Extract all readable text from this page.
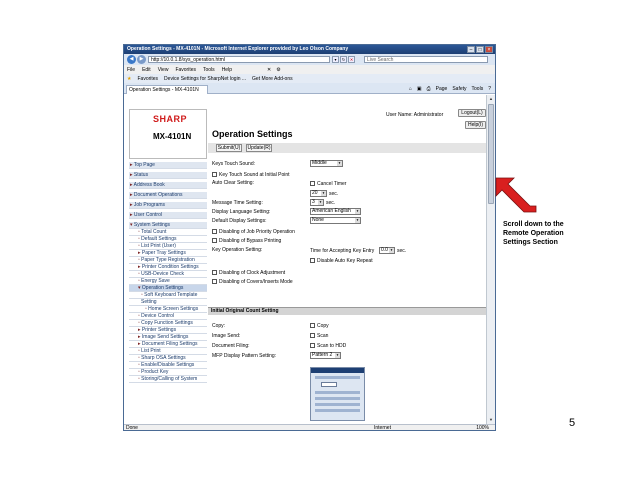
Operation Settings - MX-4101N - Microsoft Internet Explorer provided by Leo Olson Company	–	□	×
◀	▶	http://10.0.1.8/sys_operation.html	▾	↻	✕	Live Search
File Edit View Favorites Tools Help	✕ ⚙
★ Favorites Device Settings for SharpNet login ... Get More Add-ons
Operation Settings - MX-4101N	⌂ ▣ ⎙ Page Safety Tools ?
SHARP
MX-4101N
User Name: Administrator	Logout(L)
Help(I)
Operation Settings
Submit(U)	Update(R)
▸ Top Page
▸ Status
▸ Address Book
▸ Document Operations
▸ Job Programs
▸ User Control
▾ System Settings
▫ Total Count
▫ Default Settings
▫ List Print (User)
▸ Paper Tray Settings
▫ Paper Type Registration
▸ Printer Condition Settings
▫ USB-Device Check
▫ Energy Save
▾ Operation Settings
▫ Soft Keyboard Template
Setting
▫ Home Screen Settings
▫ Device Control
▫ Copy Function Settings
▸ Printer Settings
▸ Image Send Settings
▸ Document Filing Settings
▫ List Print
▫ Sharp OSA Settings
▫ Enable/Disable Settings
▫ Product Key
▫ Storing/Calling of System
Keys Touch Sound:	Middle	▼
Key Touch Sound at Initial Point
Auto Clear Setting:	Cancel Timer
20	▼ sec.
Message Time Setting:	3	▼ sec.
Display Language Setting:	American English	▼
Default Display Settings:	None	▼
Disabling of Job Priority Operation
Disabling of Bypass Printing
Key Operation Setting:	Time for Accepting Key Entry	0.0 ▼ sec.
Disable Auto Key Repeat
Disabling of Clock Adjustment
Disabling of Covers/Inserts Mode
Initial Original Count Setting
Copy:	Copy
Image Send:	Scan
Document Filing:	Scan to HDD
MFP Display Pattern Setting:	Pattern 2	▼
▲
▼
Done	Internet	100%
Scroll down to the
Remote Operation
Settings Section
5
